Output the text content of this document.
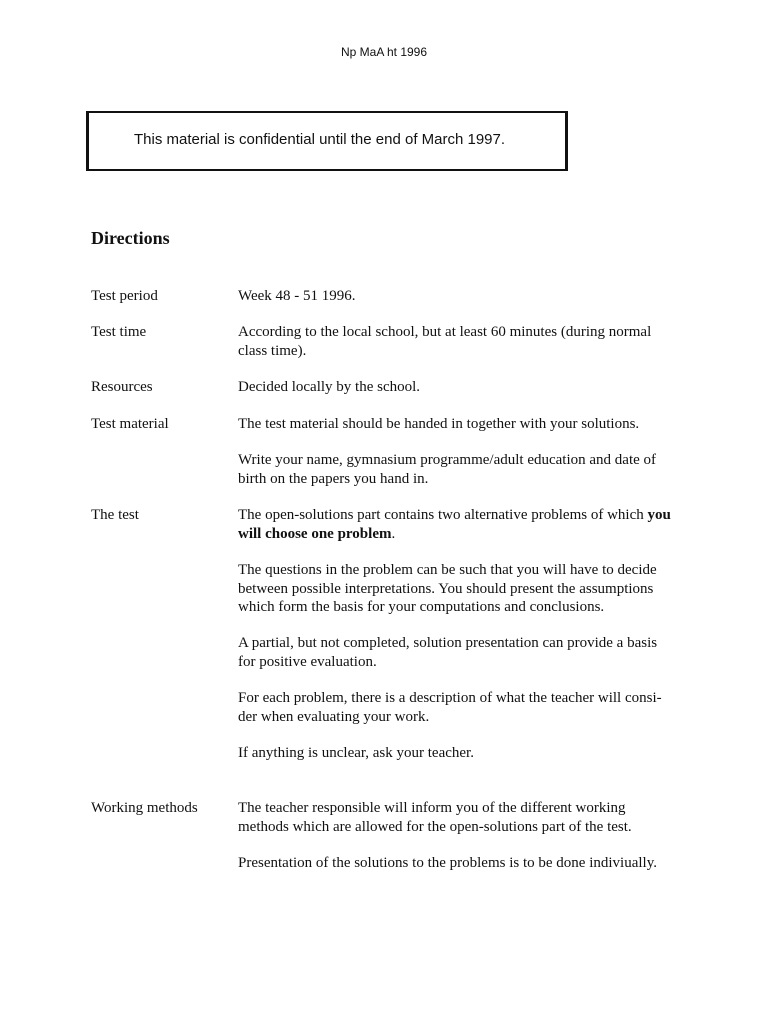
Np MaA ht 1996
This material is confidential until the end of March 1997.
Directions
Test period	Week 48 - 51 1996.

Test time	According to the local school, but at least 60 minutes (during normal class time).

Resources	Decided locally by the school.

Test material	The test material should be handed in together with your solutions.

Write your name, gymnasium programme/adult education and date of birth on the papers you hand in.

The test	The open-solutions part contains two alternative problems of which you will choose one problem.

The questions in the problem can be such that you will have to decide between possible interpretations. You should present the assumptions which form the basis for your computations and conclusions.

A partial, but not completed, solution presentation can provide a basis for positive evaluation.

For each problem, there is a description of what the teacher will consi-der when evaluating your work.

If anything is unclear, ask your teacher.

Working methods	The teacher responsible will inform you of the different working methods which are allowed for the open-solutions part of the test.

Presentation of the solutions to the problems is to be done indiviually.
